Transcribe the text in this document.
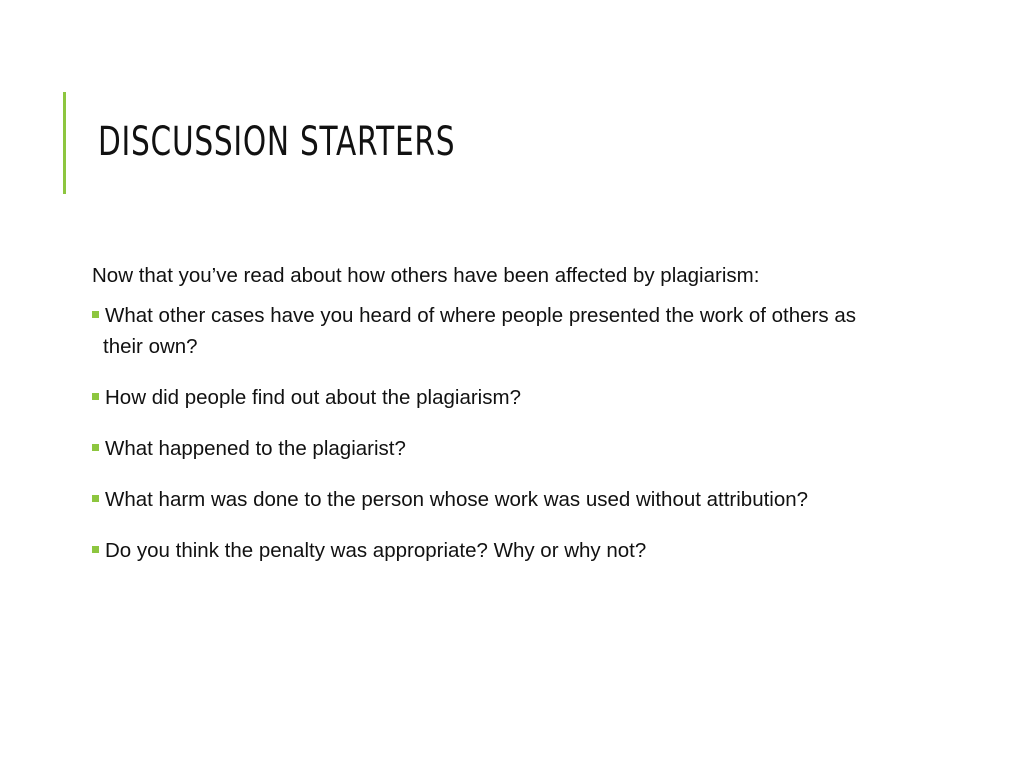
DISCUSSION STARTERS

Now that you’ve read about how others have been affected by plagiarism:

What other cases have you heard of where people presented the work of others as their own?
How did people find out about the plagiarism?
What happened to the plagiarist?
What harm was done to the person whose work was used without attribution?
Do you think the penalty was appropriate? Why or why not?
